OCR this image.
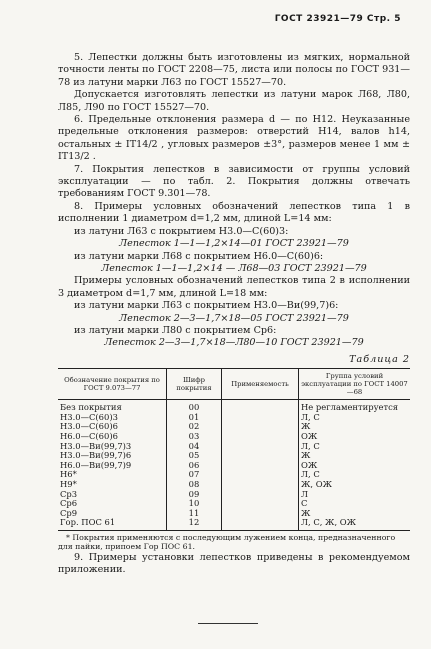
ГОСТ 23921—79 Стр. 5

5. Лепестки должны быть изготовлены из мягких, нормальной точности ленты по ГОСТ 2208—75, листа или полосы по ГОСТ 931—78 из латуни марки Л63 по ГОСТ 15527—70.

Допускается изготовлять лепестки из латуни марок Л68, Л80, Л85, Л90 по ГОСТ 15527—70.

6. Предельные отклонения размера d — по Н12. Неуказанные предельные отклонения размеров: отверстий Н14, валов h14, остальных ± IT14/2 , угловых размеров ±3°, размеров менее 1 мм ± IT13/2 .

7. Покрытия лепестков в зависимости от группы условий эксплуатации — по табл. 2. Покрытия должны отвечать требованиям ГОСТ 9.301—78.

8. Примеры условных обозначений лепестков типа 1 в исполнении 1 диаметром d=1,2 мм, длиной L=14 мм:

из латуни Л63 с покрытием Н3.0—С(60)3:

Лепесток 1—1—1,2×14—01 ГОСТ 23921—79

из латуни марки Л68 с покрытием Н6.0—С(60)6:

Лепесток 1—1—1,2×14 — Л68—03 ГОСТ 23921—79

Примеры условных обозначений лепестков типа 2 в исполнении 3 диаметром d=1,7 мм, длиной L=18 мм:

из латуни марки Л63 с покрытием Н3.0—Ви(99,7)6:

Лепесток 2—3—1,7×18—05 ГОСТ 23921—79

из латуни марки Л80 с покрытием Ср6:

Лепесток 2—3—1,7×18—Л80—10 ГОСТ 23921—79

Таблица 2
Обозначение покрытия по ГОСТ 9.073—77	Шифр покрытия	Применяемость	Группа условий эксплуатации по ГОСТ 14007—68
Без покрытия	00		Не регламентируется
Н3.0—С(60)3	01		Л, С
Н3.0—С(60)6	02		Ж
Н6.0—С(60)6	03		ОЖ
Н3.0—Ви(99,7)3	04		Л, С
Н3.0—Ви(99,7)6	05		Ж
Н6.0—Ви(99,7)9	06		ОЖ
Н6*	07		Л, С
Н9*	08		Ж, ОЖ
Ср3	09		Л
Ср6	10		С
Ср9	11		Ж
Гор. ПОС 61	12		Л, С, Ж, ОЖ

* Покрытия применяются с последующим лужением конца, предназначенного для пайки, припоем Гор ПОС 61.

9. Примеры установки лепестков приведены в рекомендуемом приложении.
